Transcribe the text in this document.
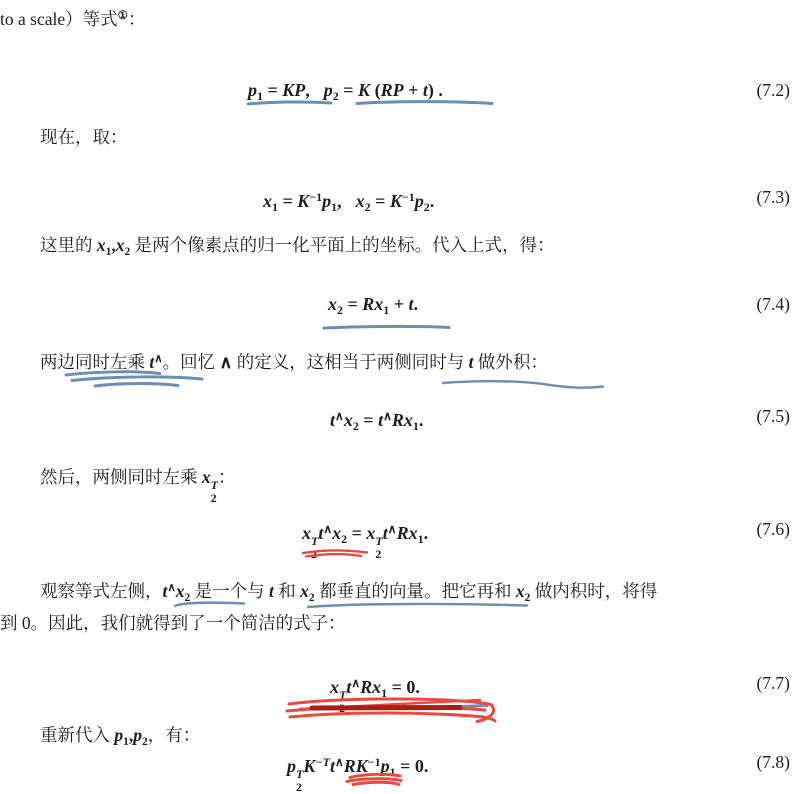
to a scale）等式①：
$p_1$ = KP, $p_2 = K$ (RP + t) .	(7.2)
现在，取：
$x_1 = K^{-1}p_1$, $x_2 = K^{-1}p_2$.	(7.3)
这里的 $x_1,x_2$ 是两个像素点的归一化平面上的坐标。代入上式，得：
$x_2 = Rx_1 + t$.	(7.4)
两边同时左乘 t∧。回忆 ∧ 的定义，这相当于两侧同时与 t 做外积：
$t^\wedge x_2 = t^\wedge Rx_1$.	(7.5)
然后，两侧同时左乘 x T
2
：
x T
2
$t^\wedge x_2 = x$ T
2
$t^\wedge Rx_1$.	(7.6)
观察等式左侧，$t^\wedge x_2$ 是一个与 t 和 $x_2$ 都垂直的向量。把它再和 $x_2$ 做内积时，将得
到 0。因此，我们就得到了一个简洁的式子：
x T
2
$t^\wedge Rx_1 = 0$.	(7.7)
重新代入 $p_1,p_2$，有：
p T
2
$K^{-T}t^\wedge RK^{-1}p_1 = 0$.	(7.8)
